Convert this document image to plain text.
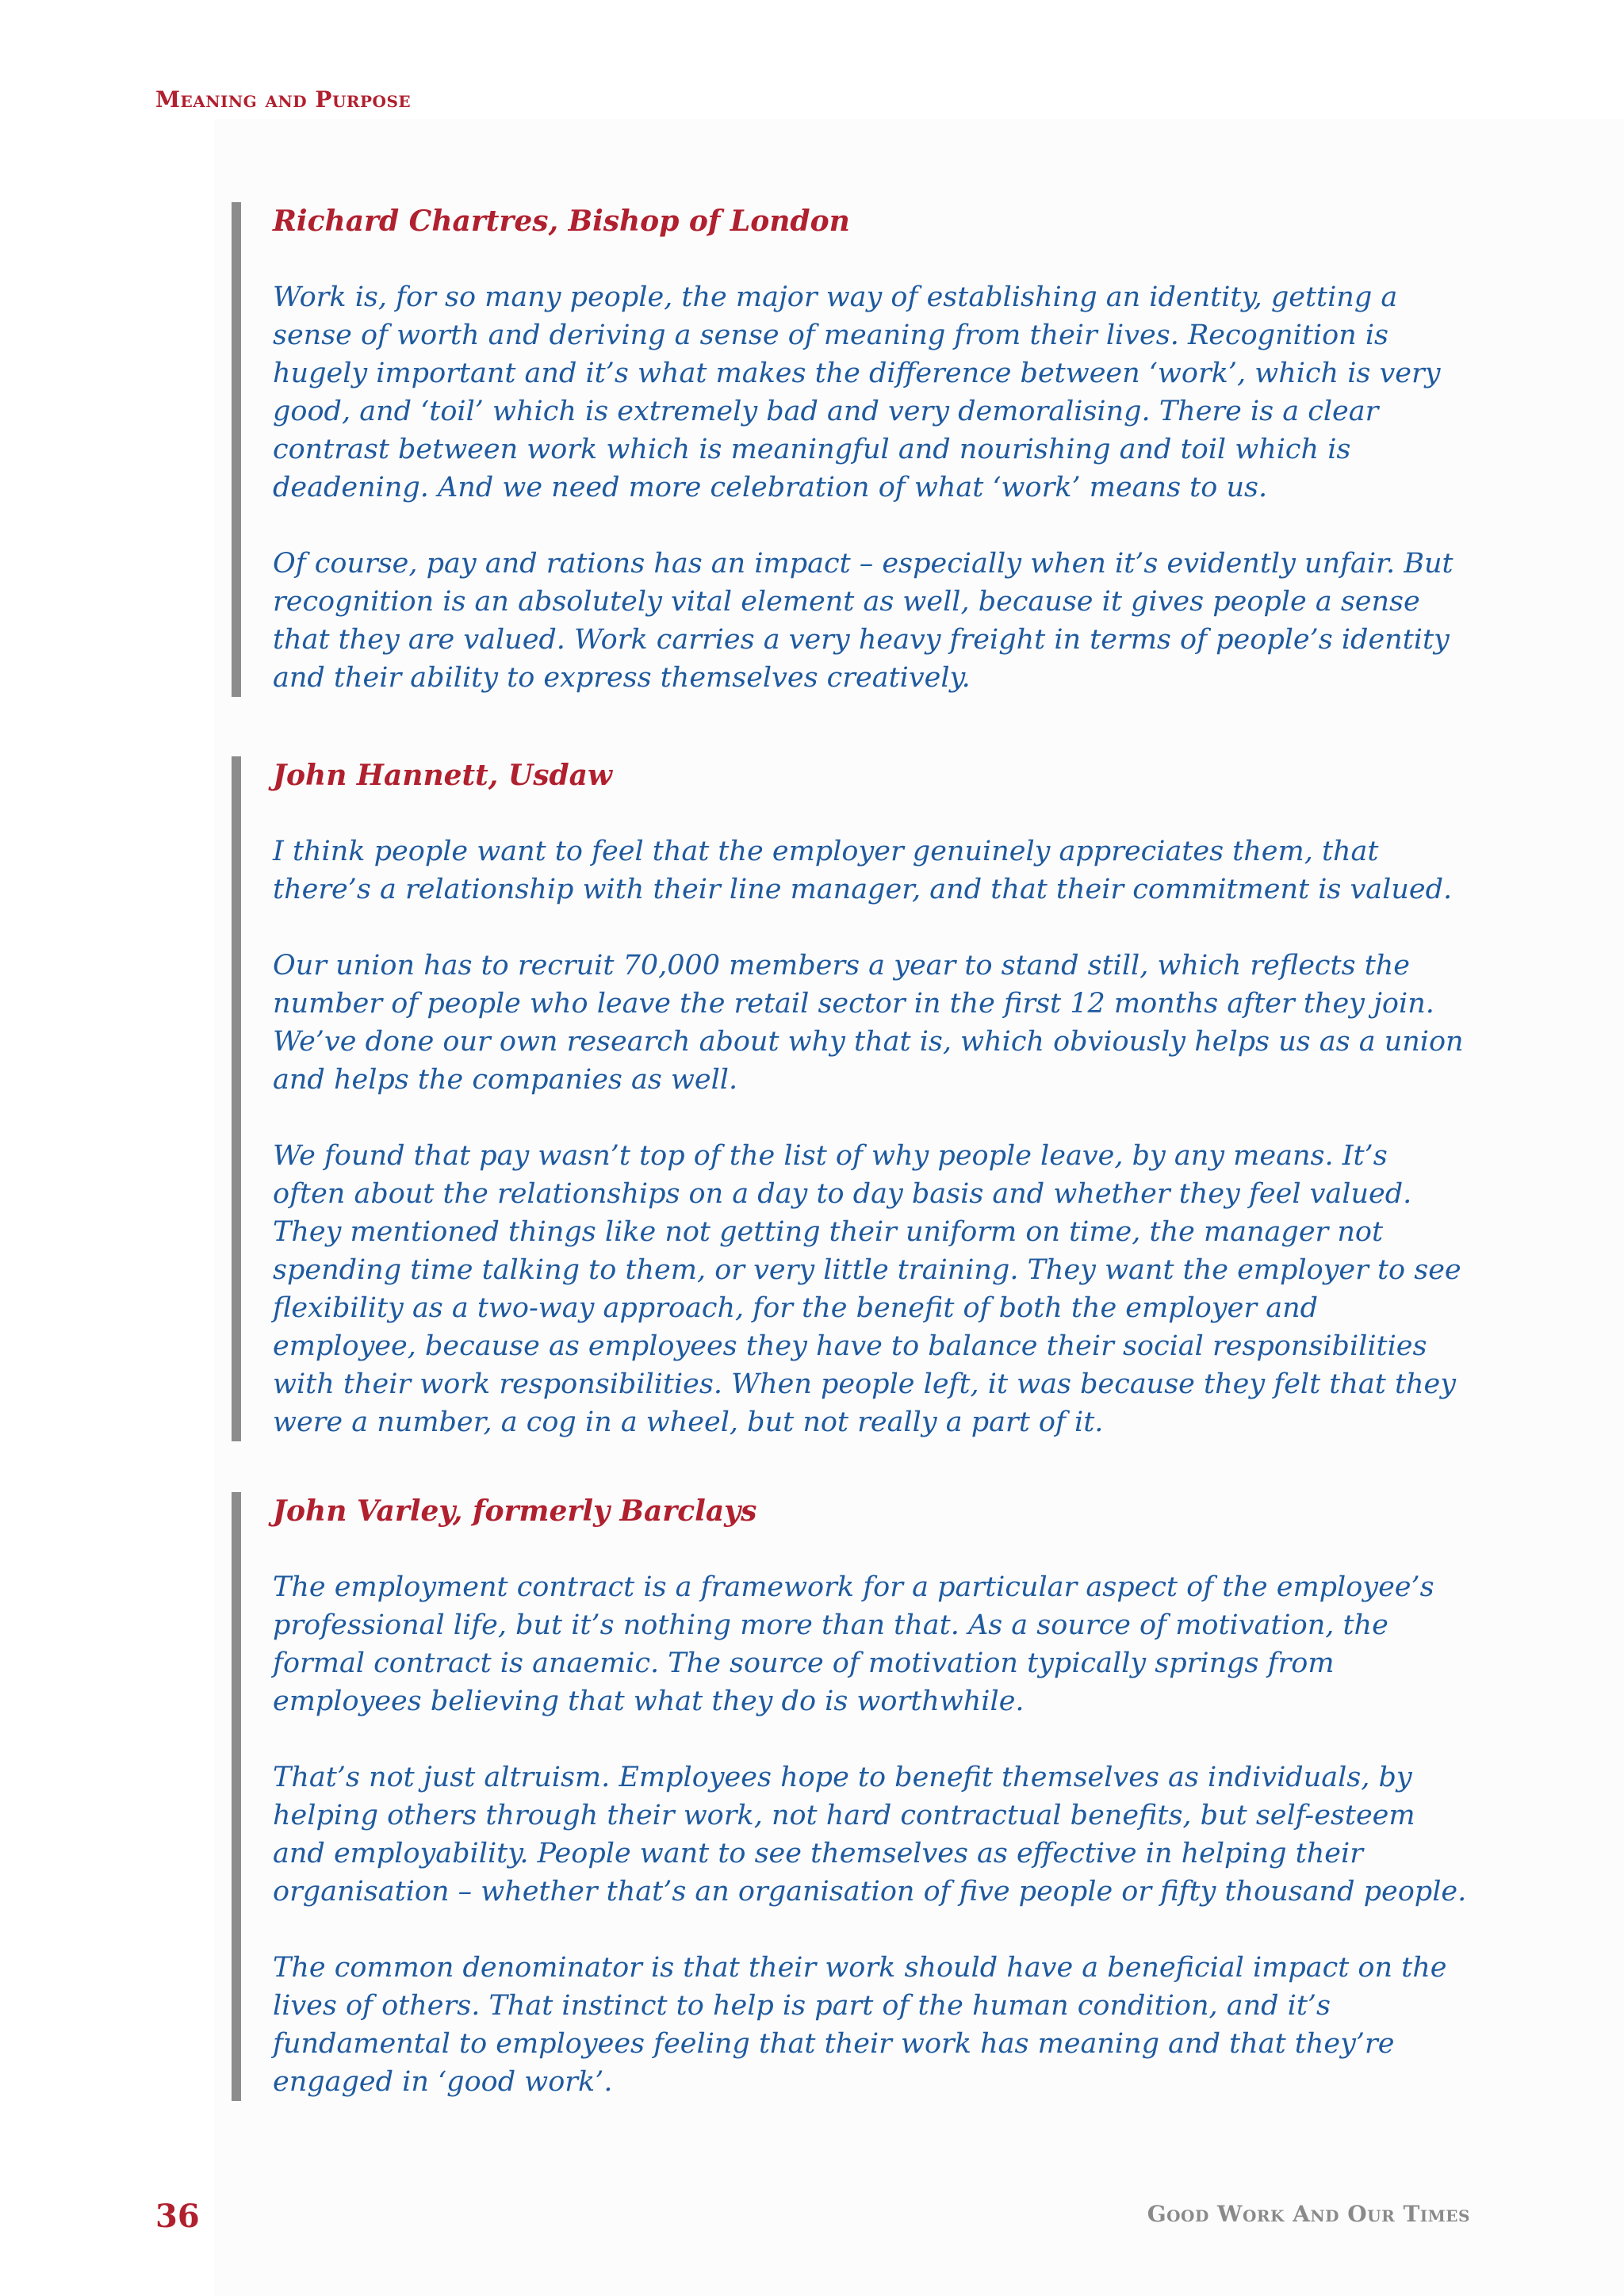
Meaning and Purpose

Richard Chartres, Bishop of London

Work is, for so many people, the major way of establishing an identity, getting a sense of worth and deriving a sense of meaning from their lives. Recognition is hugely important and it’s what makes the difference between ‘work’, which is very good, and ‘toil’ which is extremely bad and very demoralising. There is a clear contrast between work which is meaningful and nourishing and toil which is deadening. And we need more celebration of what ‘work’ means to us.

Of course, pay and rations has an impact – especially when it’s evidently unfair. But recognition is an absolutely vital element as well, because it gives people a sense that they are valued. Work carries a very heavy freight in terms of people’s identity and their ability to express themselves creatively.

John Hannett, Usdaw

I think people want to feel that the employer genuinely appreciates them, that there’s a relationship with their line manager, and that their commitment is valued.

Our union has to recruit 70,000 members a year to stand still, which reflects the number of people who leave the retail sector in the first 12 months after they join. We’ve done our own research about why that is, which obviously helps us as a union and helps the companies as well.

We found that pay wasn’t top of the list of why people leave, by any means. It’s often about the relationships on a day to day basis and whether they feel valued. They mentioned things like not getting their uniform on time, the manager not spending time talking to them, or very little training. They want the employer to see flexibility as a two-way approach, for the benefit of both the employer and employee, because as employees they have to balance their social responsibilities with their work responsibilities. When people left, it was because they felt that they were a number, a cog in a wheel, but not really a part of it.

John Varley, formerly Barclays

The employment contract is a framework for a particular aspect of the employee’s professional life, but it’s nothing more than that. As a source of motivation, the formal contract is anaemic. The source of motivation typically springs from employees believing that what they do is worthwhile.

That’s not just altruism. Employees hope to benefit themselves as individuals, by helping others through their work, not hard contractual benefits, but self-esteem and employability. People want to see themselves as effective in helping their organisation – whether that’s an organisation of five people or fifty thousand people.

The common denominator is that their work should have a beneficial impact on the lives of others. That instinct to help is part of the human condition, and it’s fundamental to employees feeling that their work has meaning and that they’re engaged in ‘good work’.

36	Good Work And Our Times
